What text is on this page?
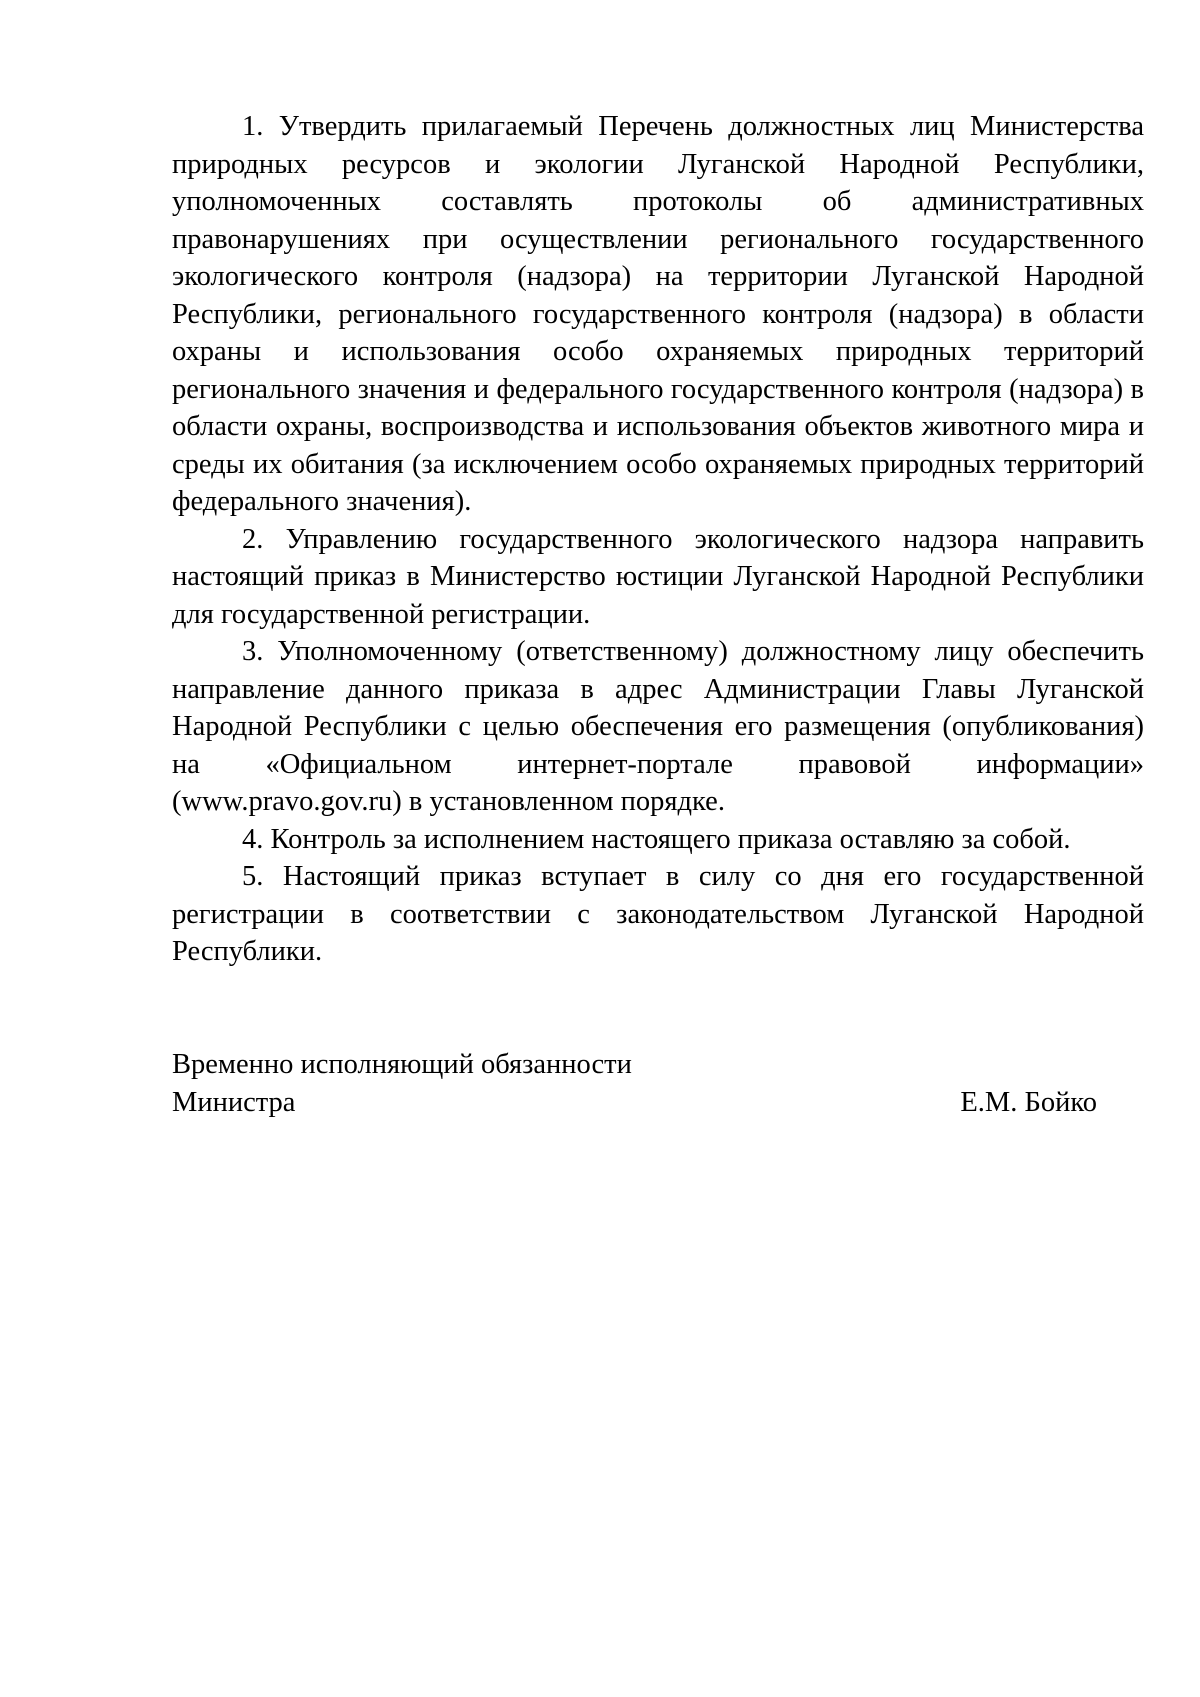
1. Утвердить прилагаемый Перечень должностных лиц Министерства природных ресурсов и экологии Луганской Народной Республики, уполномоченных составлять протоколы об административных правонарушениях при осуществлении регионального государственного экологического контроля (надзора) на территории Луганской Народной Республики, регионального государственного контроля (надзора) в области охраны и использования особо охраняемых природных территорий регионального значения и федерального государственного контроля (надзора) в области охраны, воспроизводства и использования объектов животного мира и среды их обитания (за исключением особо охраняемых природных территорий федерального значения).

2. Управлению государственного экологического надзора направить настоящий приказ в Министерство юстиции Луганской Народной Республики для государственной регистрации.

3. Уполномоченному (ответственному) должностному лицу обеспечить направление данного приказа в адрес Администрации Главы Луганской Народной Республики с целью обеспечения его размещения (опубликования) на «Официальном интернет-портале правовой информации» (www.pravo.gov.ru) в установленном порядке.

4. Контроль за исполнением настоящего приказа оставляю за собой.

5. Настоящий приказ вступает в силу со дня его государственной регистрации в соответствии с законодательством Луганской Народной Республики.

Временно исполняющий обязанности
Министра	Е.М. Бойко
